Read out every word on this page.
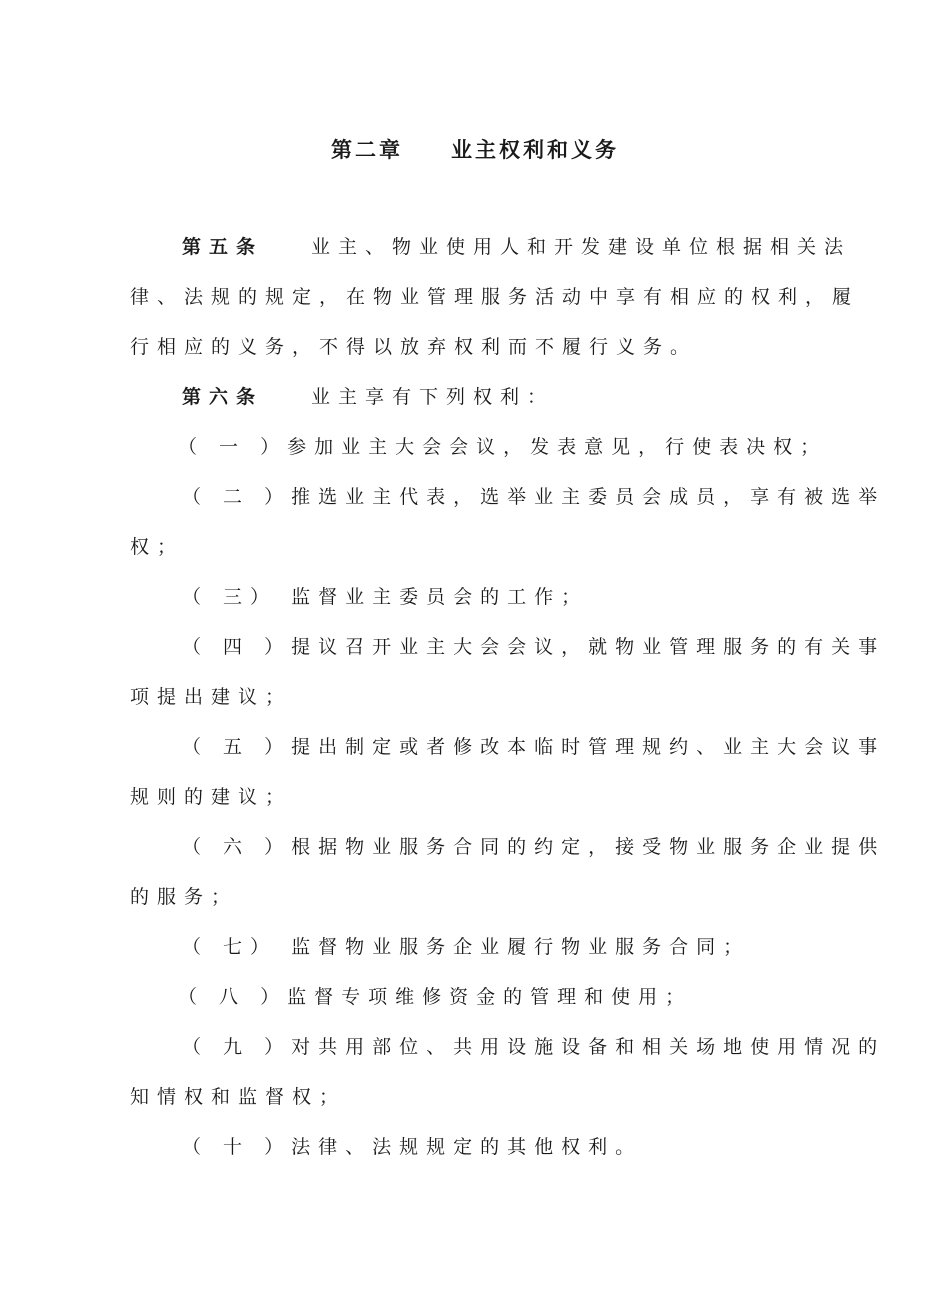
第二章 业主权利和义务
第五条	业主、物业使用人和开发建设单位根据相关法
律、法规的规定，在物业管理服务活动中享有相应的权利，履
行相应的义务，不得以放弃权利而不履行义务。
第六条	业主享有下列权利：
（ 一 ）参加业主大会会议，发表意见，行使表决权；
（ 二 ）推选业主代表，选举业主委员会成员，享有被选举
权；
（ 三） 监督业主委员会的工作；
（ 四 ）提议召开业主大会会议，就物业管理服务的有关事
项提出建议；
（ 五 ）提出制定或者修改本临时管理规约、业主大会议事
规则的建议；
（ 六 ）根据物业服务合同的约定，接受物业服务企业提供
的服务；
（ 七） 监督物业服务企业履行物业服务合同；
（ 八 ）监督专项维修资金的管理和使用；
（ 九 ）对共用部位、共用设施设备和相关场地使用情况的
知情权和监督权；
（ 十 ）法律、法规规定的其他权利。
